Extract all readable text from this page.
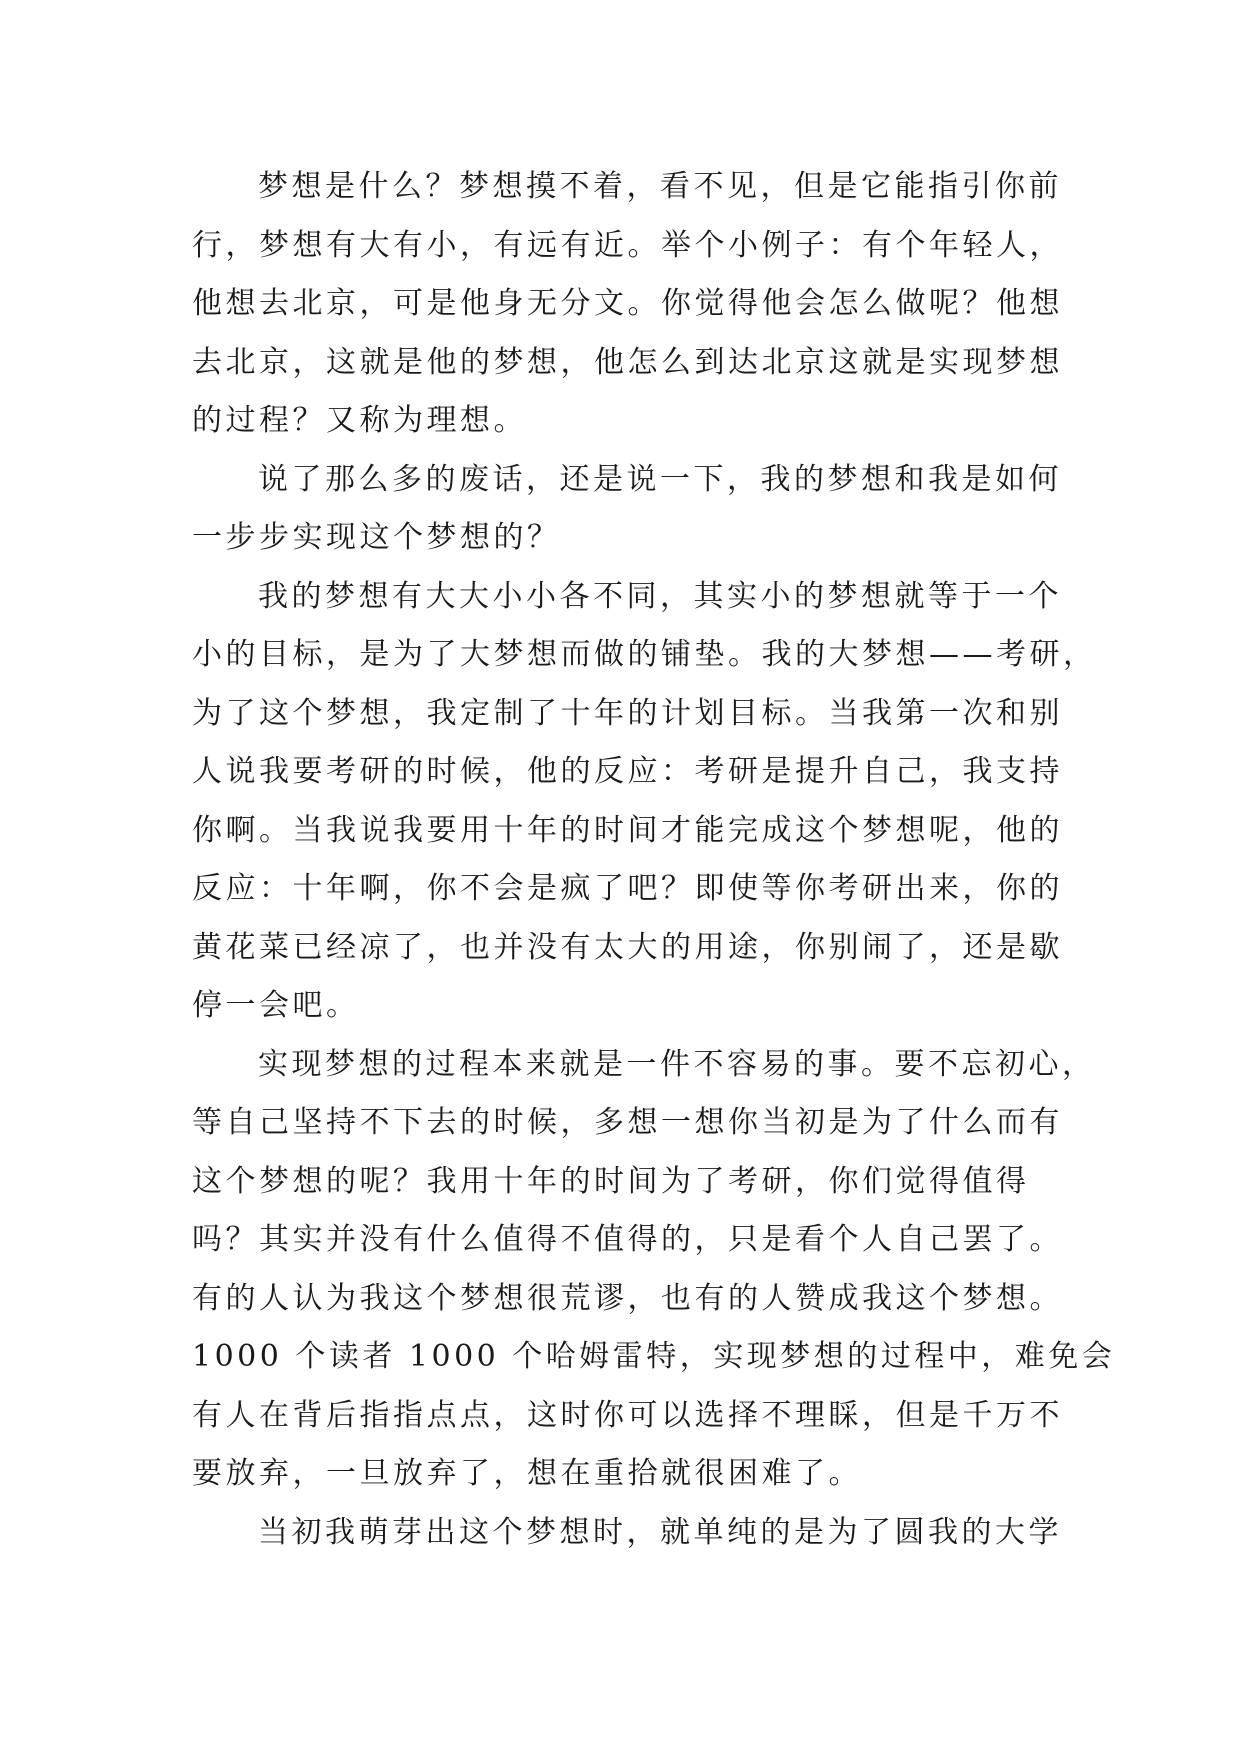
梦想是什么？梦想摸不着，看不见，但是它能指引你前
行，梦想有大有小，有远有近。举个小例子：有个年轻人，
他想去北京，可是他身无分文。你觉得他会怎么做呢？他想
去北京，这就是他的梦想，他怎么到达北京这就是实现梦想
的过程？又称为理想。
说了那么多的废话，还是说一下，我的梦想和我是如何
一步步实现这个梦想的？
我的梦想有大大小小各不同，其实小的梦想就等于一个
小的目标，是为了大梦想而做的铺垫。我的大梦想——考研，
为了这个梦想，我定制了十年的计划目标。当我第一次和别
人说我要考研的时候，他的反应：考研是提升自己，我支持
你啊。当我说我要用十年的时间才能完成这个梦想呢，他的
反应：十年啊，你不会是疯了吧？即使等你考研出来，你的
黄花菜已经凉了，也并没有太大的用途，你别闹了，还是歇
停一会吧。
实现梦想的过程本来就是一件不容易的事。要不忘初心，
等自己坚持不下去的时候，多想一想你当初是为了什么而有
这个梦想的呢？我用十年的时间为了考研，你们觉得值得
吗？其实并没有什么值得不值得的，只是看个人自己罢了。
有的人认为我这个梦想很荒谬，也有的人赞成我这个梦想。
1000 个读者 1000 个哈姆雷特，实现梦想的过程中，难免会
有人在背后指指点点，这时你可以选择不理睬，但是千万不
要放弃，一旦放弃了，想在重拾就很困难了。
当初我萌芽出这个梦想时，就单纯的是为了圆我的大学
